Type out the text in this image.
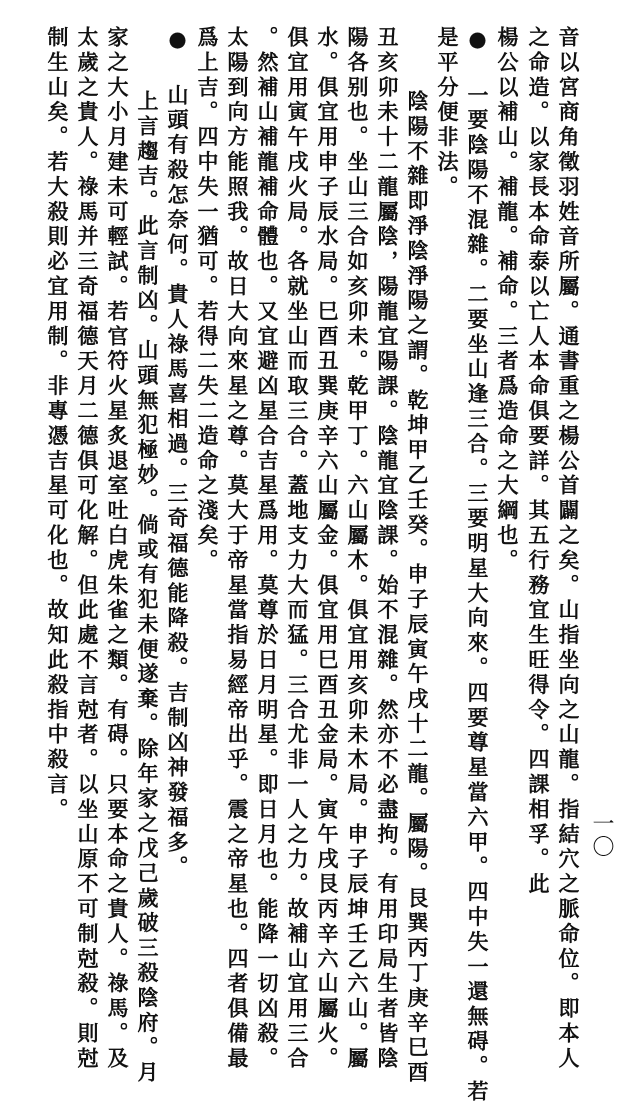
一〇
音以宮商角徵羽姓音所屬。通書重之楊公首闢之矣。山指坐向之山龍。指結穴之脈命位。即本人
之命造。以家長本命泰以亡人本命俱要詳。其五行務宜生旺得令。四課相孚。此
楊公以補山。補龍。補命。三者爲造命之大綱也。
● 一要陰陽不混雜。二要坐山逢三合。三要明星大向來。四要尊星當六甲。四中失一還無碍。若
是平分便非法。
陰陽不雜即淨陰淨陽之謂。乾坤甲乙壬癸。申子辰寅午戌十二龍。屬陽。艮巽丙丁庚辛巳酉
丑亥卯未十二龍屬陰，陽龍宜陽課。陰龍宜陰課。始不混雜。然亦不必盡拘。有用印局生者皆陰
陽各别也。坐山三合如亥卯未。乾甲丁。六山屬木。俱宜用亥卯未木局。申子辰坤壬乙六山。屬
水。俱宜用申子辰水局。巳酉丑巽庚辛六山屬金。俱宜用巳酉丑金局。寅午戌艮丙辛六山屬火。
俱宜用寅午戌火局。各就坐山而取三合。蓋地支力大而猛。三合尤非一人之力。故補山宜用三合
。然補山補龍補命體也。又宜避凶星合吉星爲用。莫尊於日月明星。即日月也。能降一切凶殺。
太陽到向方能照我。故日大向來星之尊。莫大于帝星當指易經帝出乎。震之帝星也。四者俱備最
爲上吉。四中失一猶可。若得二失二造命之淺矣。
● 山頭有殺怎奈何。貴人祿馬喜相過。三奇福德能降殺。吉制凶神發福多。
上言趨吉。此言制凶。山頭無犯極妙。倘或有犯未便遂棄。除年家之戊己歲破三殺陰府。月
家之大小月建未可輕試。若官符火星炙退室吐白虎朱雀之類。有碍。只要本命之貴人。祿馬。及
太歲之貴人。祿馬并三奇福德天月二德俱可化解。但此處不言尅者。以坐山原不可制尅殺。則尅
制生山矣。若大殺則必宜用制。非專憑吉星可化也。故知此殺指中殺言。
